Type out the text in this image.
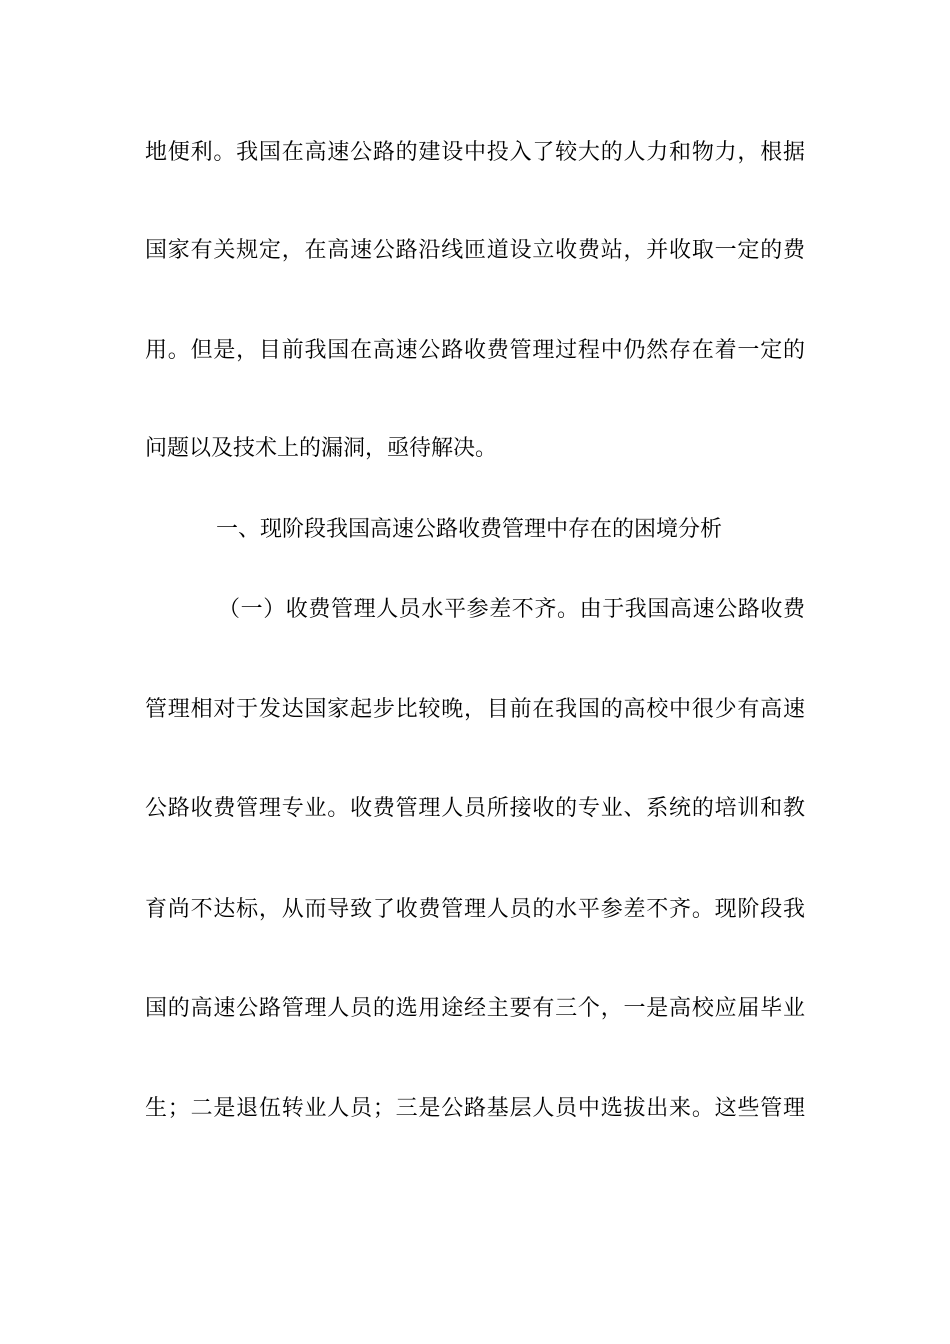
地便利。我国在高速公路的建设中投入了较大的人力和物力，根据
国家有关规定，在高速公路沿线匝道设立收费站，并收取一定的费
用。但是，目前我国在高速公路收费管理过程中仍然存在着一定的
问题以及技术上的漏洞，亟待解决。
一、现阶段我国高速公路收费管理中存在的困境分析
（一）收费管理人员水平参差不齐。由于我国高速公路收费
管理相对于发达国家起步比较晚，目前在我国的高校中很少有高速
公路收费管理专业。收费管理人员所接收的专业、系统的培训和教
育尚不达标，从而导致了收费管理人员的水平参差不齐。现阶段我
国的高速公路管理人员的选用途经主要有三个，一是高校应届毕业
生；二是退伍转业人员；三是公路基层人员中选拔出来。这些管理
